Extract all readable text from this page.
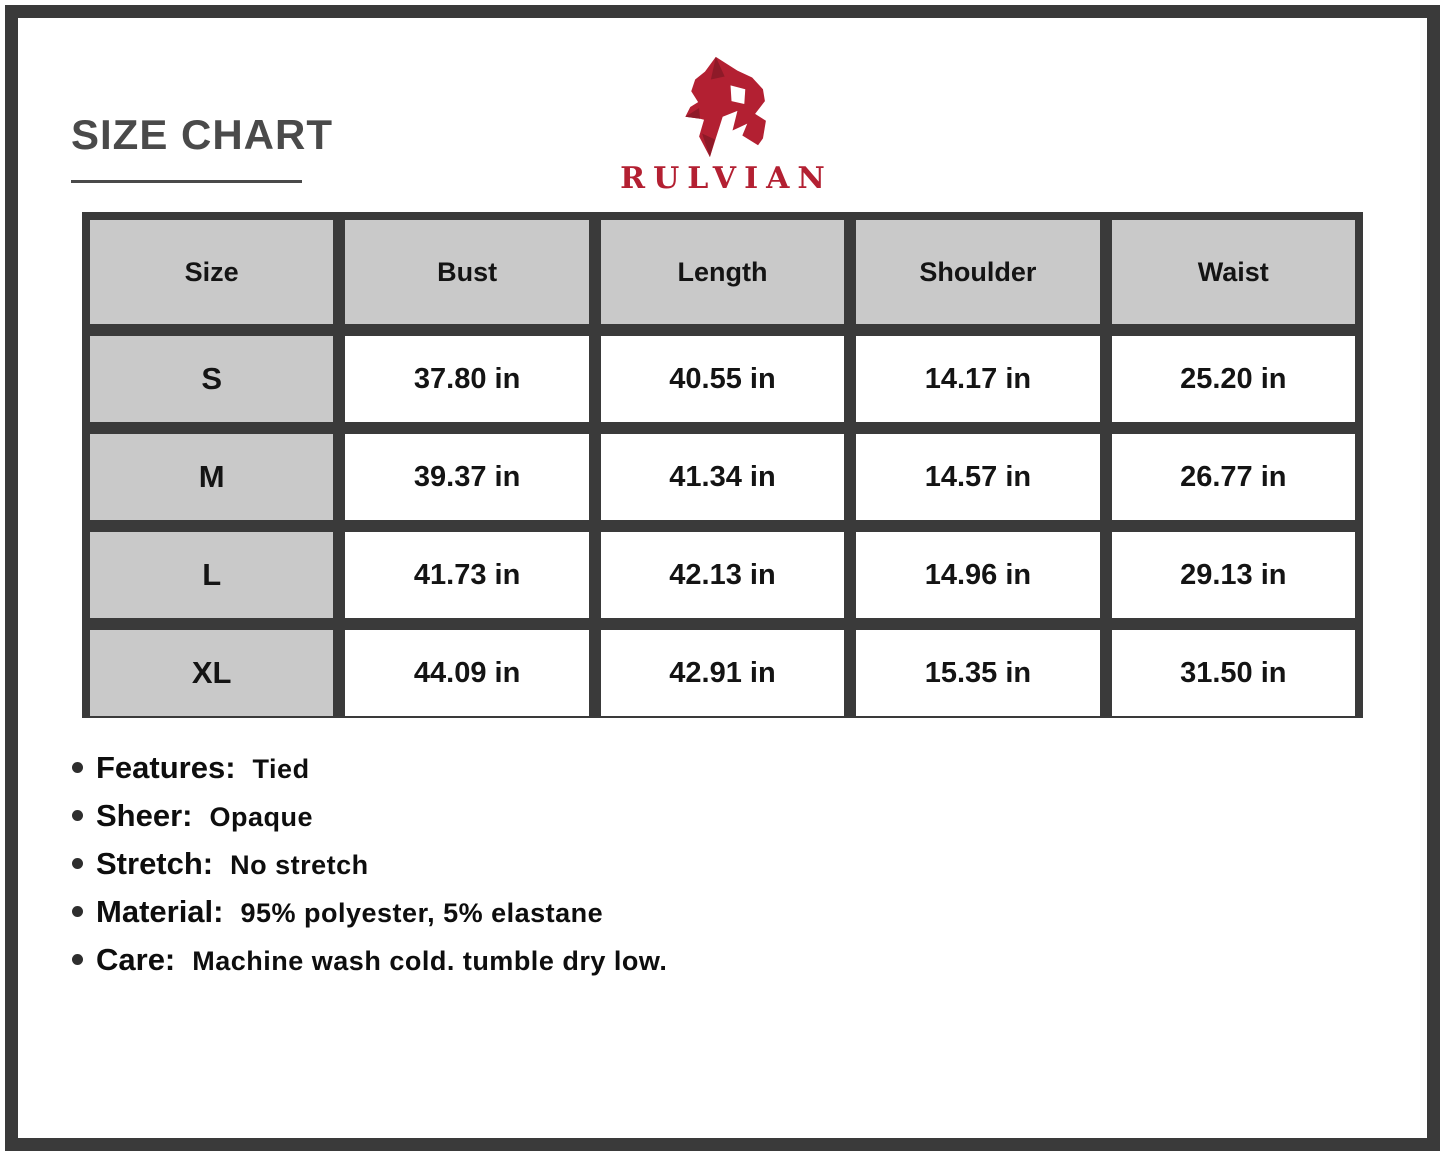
SIZE CHART
RULVIAN
Size	Bust	Length	Shoulder	Waist
S	37.80 in	40.55 in	14.17 in	25.20 in
M	39.37 in	41.34 in	14.57 in	26.77 in
L	41.73 in	42.13 in	14.96 in	29.13 in
XL	44.09 in	42.91 in	15.35 in	31.50 in
Features: Tied
Sheer: Opaque
Stretch: No stretch
Material: 95% polyester, 5% elastane
Care: Machine wash cold. tumble dry low.
